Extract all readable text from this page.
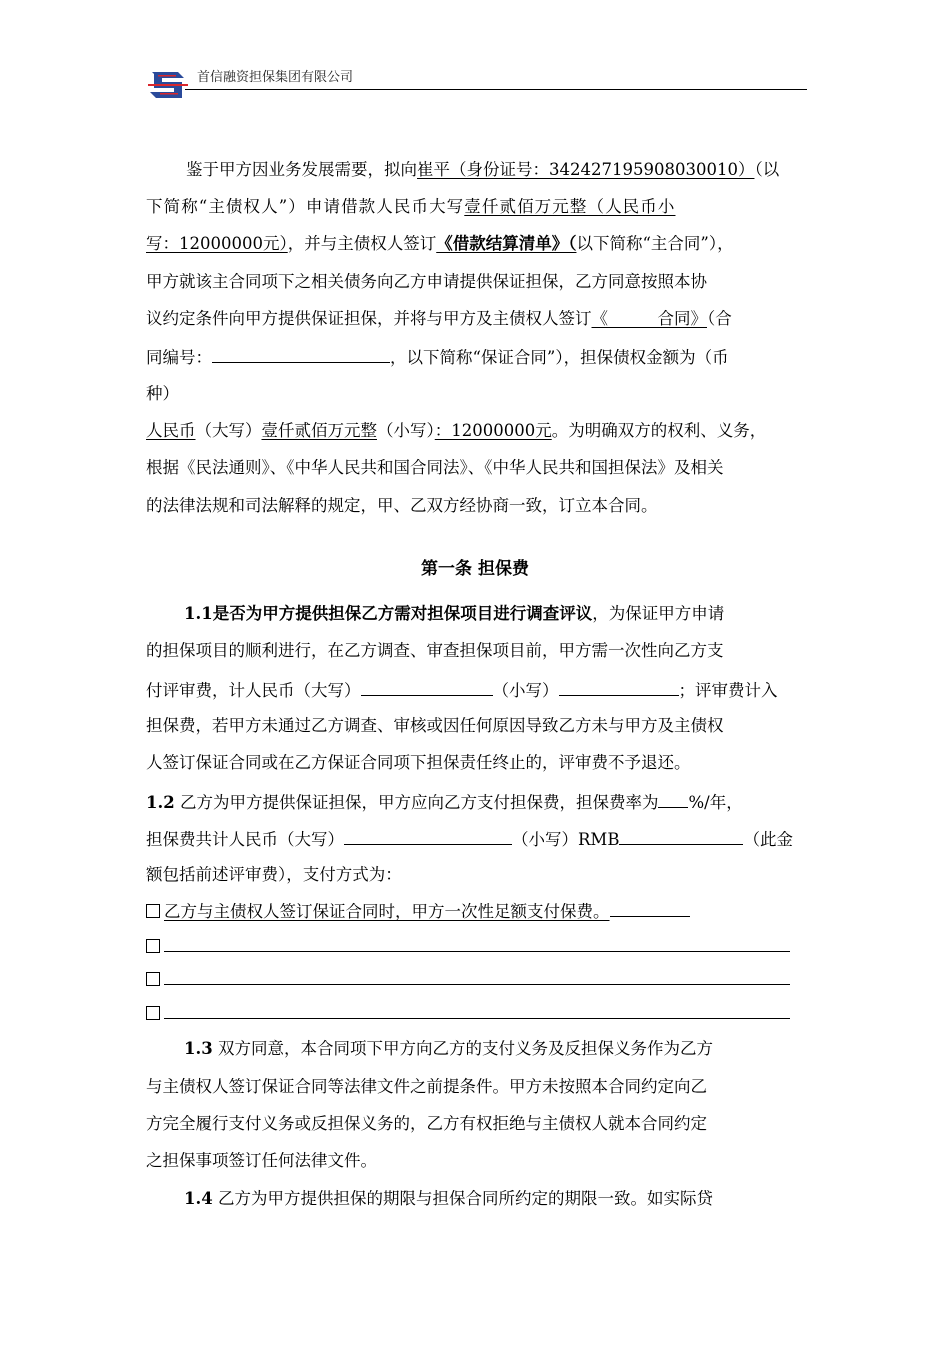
首信融资担保集团有限公司
鉴于甲方因业务发展需要，拟向崔平（身份证号：342427195908030010）（以
下简称“主债权人”）申请借款人民币大写壹仟贰佰万元整（人民币小
写：12000000元），并与主债权人签订《借款结算清单》（以下简称“主合同”），
甲方就该主合同项下之相关债务向乙方申请提供保证担保，乙方同意按照本协
议约定条件向甲方提供保证担保，并将与甲方及主债权人签订《　　　合同》（合
同编号：	，以下简称“保证合同”），担保债权金额为（币
种）
人民币（大写）壹仟贰佰万元整（小写）：12000000元。为明确双方的权利、义务，
根据《民法通则》、《中华人民共和国合同法》、《中华人民共和国担保法》及相关
的法律法规和司法解释的规定，甲、乙双方经协商一致，订立本合同。
第一条 担保费
1.1是否为甲方提供担保乙方需对担保项目进行调查评议，为保证甲方申请
的担保项目的顺利进行，在乙方调查、审查担保项目前，甲方需一次性向乙方支
付评审费，计人民币（大写）	（小写）	；评审费计入
担保费，若甲方未通过乙方调查、审核或因任何原因导致乙方未与甲方及主债权
人签订保证合同或在乙方保证合同项下担保责任终止的，评审费不予退还。
1.2 乙方为甲方提供保证担保，甲方应向乙方支付担保费，担保费率为 %/年，
担保费共计人民币（大写）	（小写）RMB	（此金
额包括前述评审费），支付方式为：
乙方与主债权人签订保证合同时，甲方一次性足额支付保费。
1.3 双方同意，本合同项下甲方向乙方的支付义务及反担保义务作为乙方
与主债权人签订保证合同等法律文件之前提条件。甲方未按照本合同约定向乙
方完全履行支付义务或反担保义务的，乙方有权拒绝与主债权人就本合同约定
之担保事项签订任何法律文件。
1.4 乙方为甲方提供担保的期限与担保合同所约定的期限一致。如实际贷
